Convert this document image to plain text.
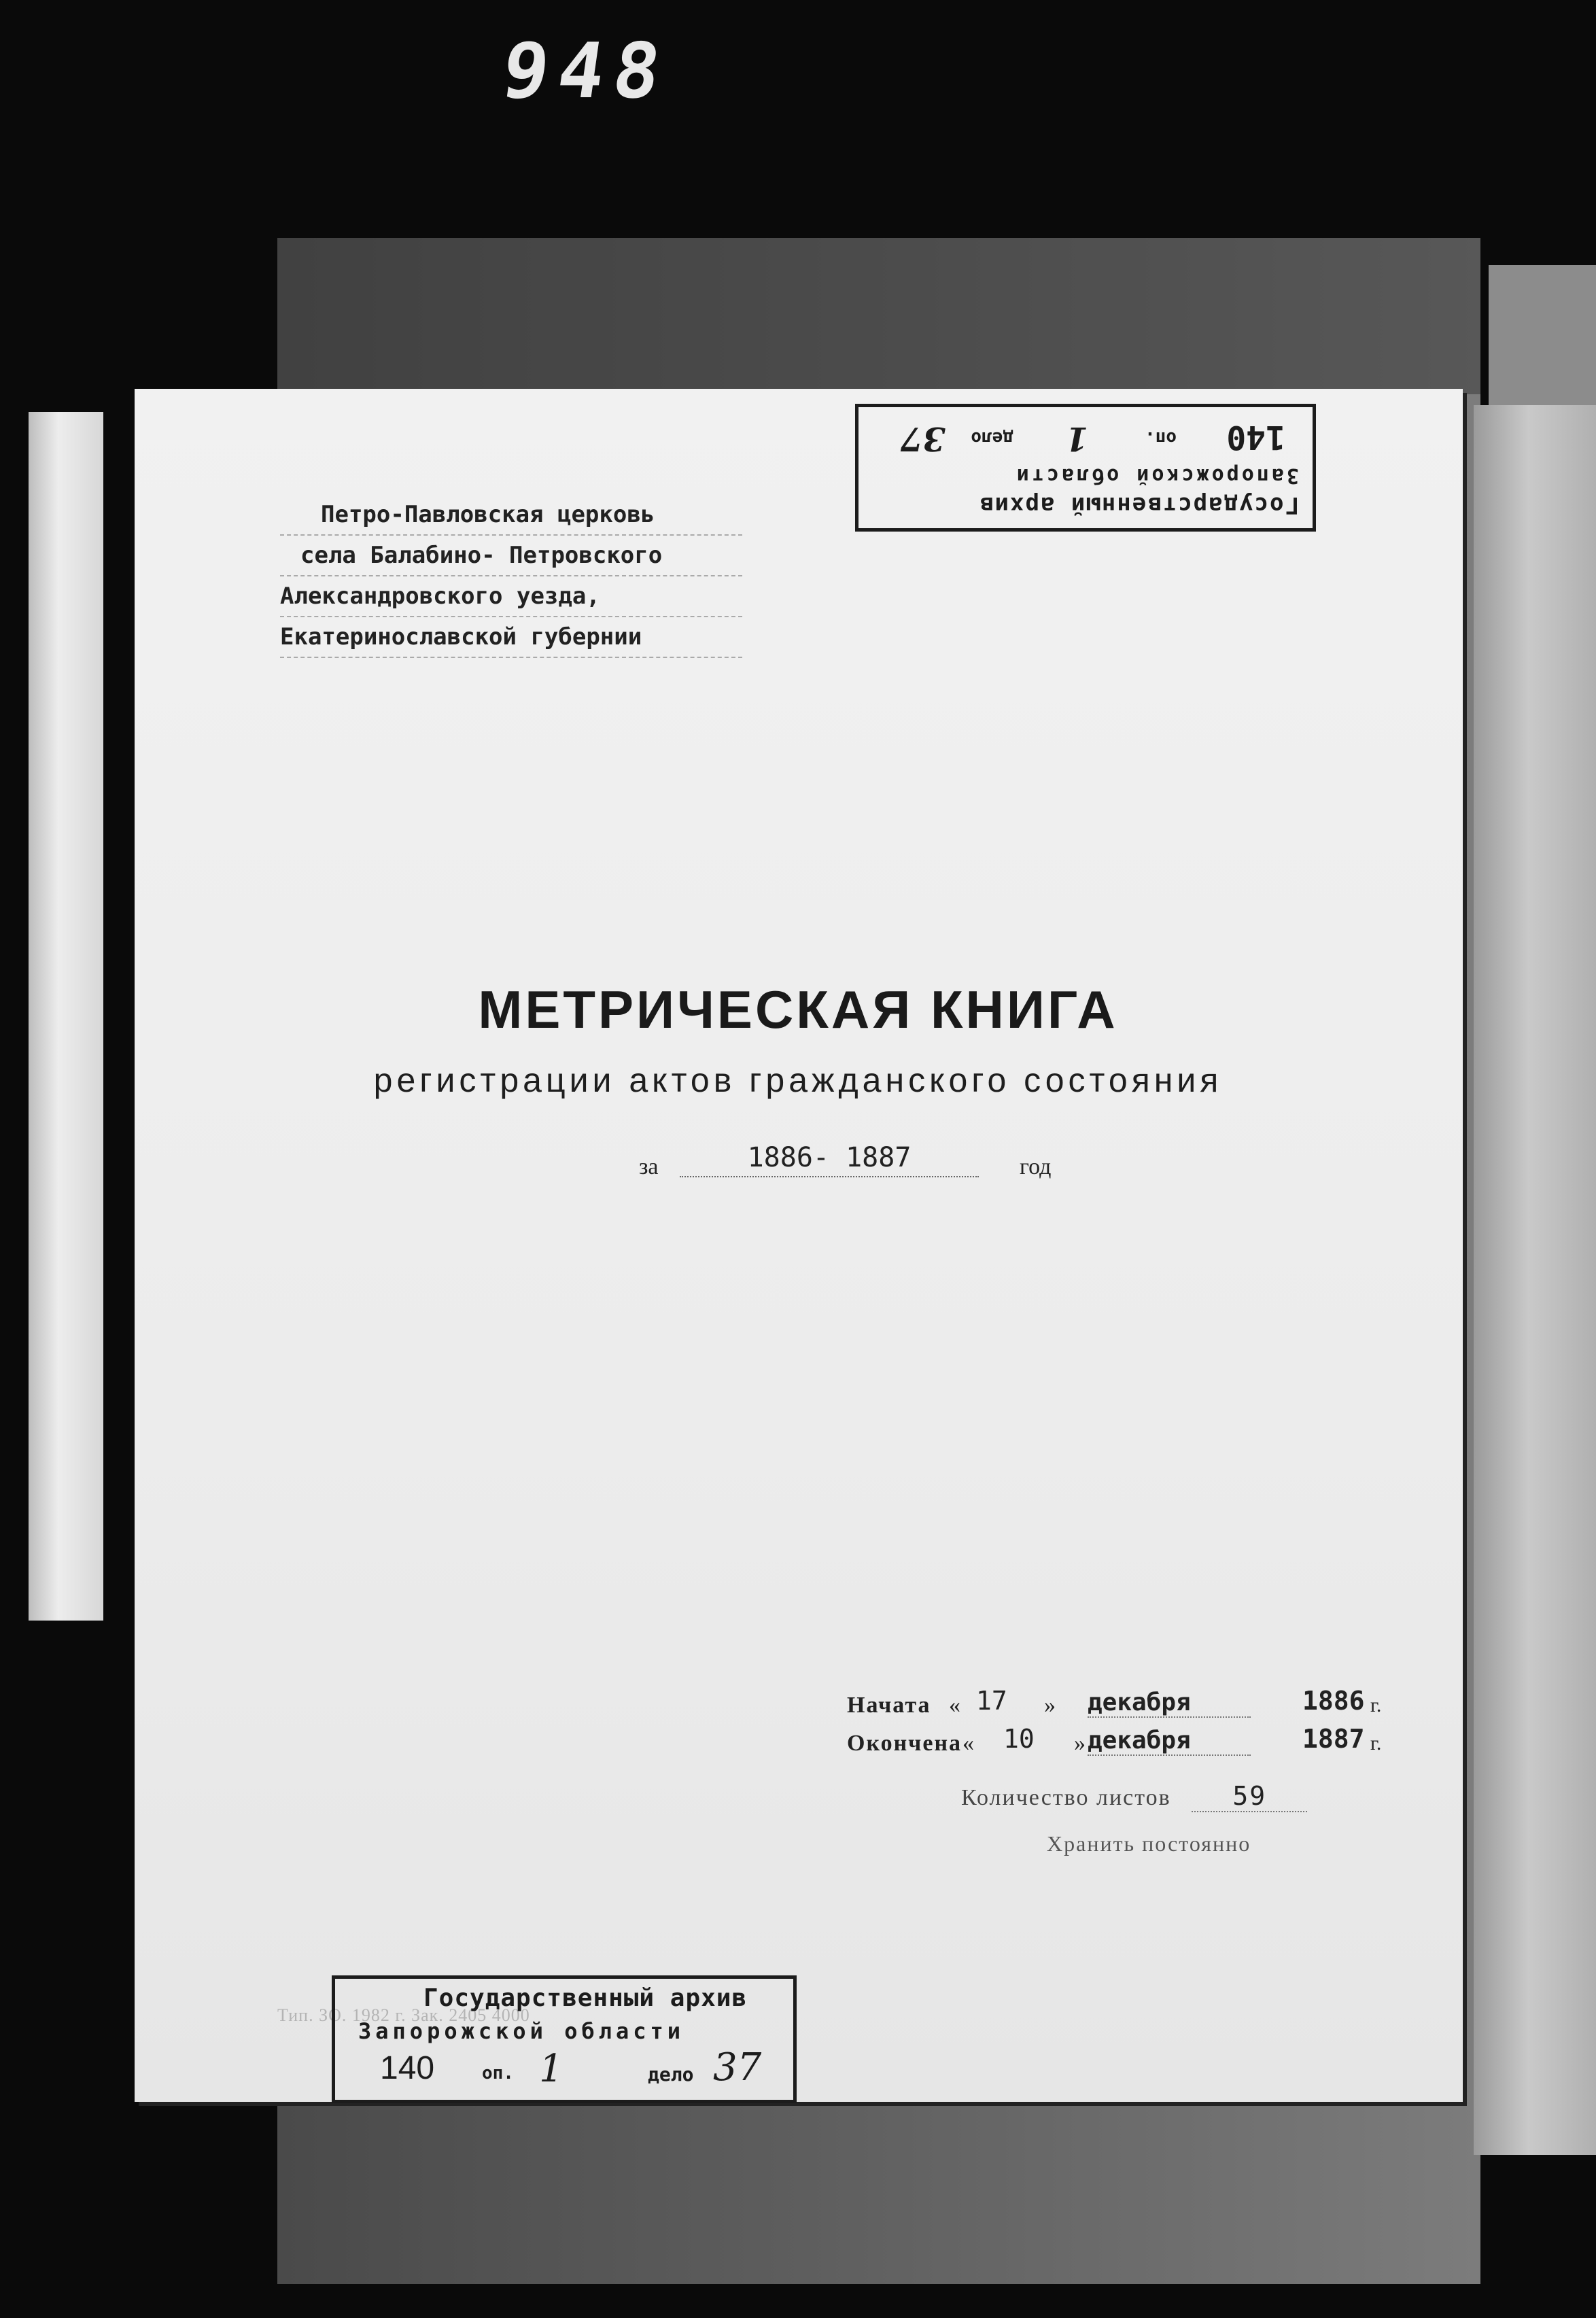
948
Государственный архив
Запорожской области
140
оп.
1
дело
37
Петро-Павловская церковь
села Балабино- Петровского
Александровского уезда,
Екатеринославской губернии
МЕТРИЧЕСКАЯ КНИГА
регистрации актов гражданского состояния
за	1886- 1887	год
Начата « 17 » декабря	1886 г.
Окончена « 10 » декабря	1887 г.
Количество листов 59
Хранить постоянно
Тип. ЗО. 1982 г. Зак. 2405 4000
Государственный архив
Запорожской области
140	оп. 1	дело 37
